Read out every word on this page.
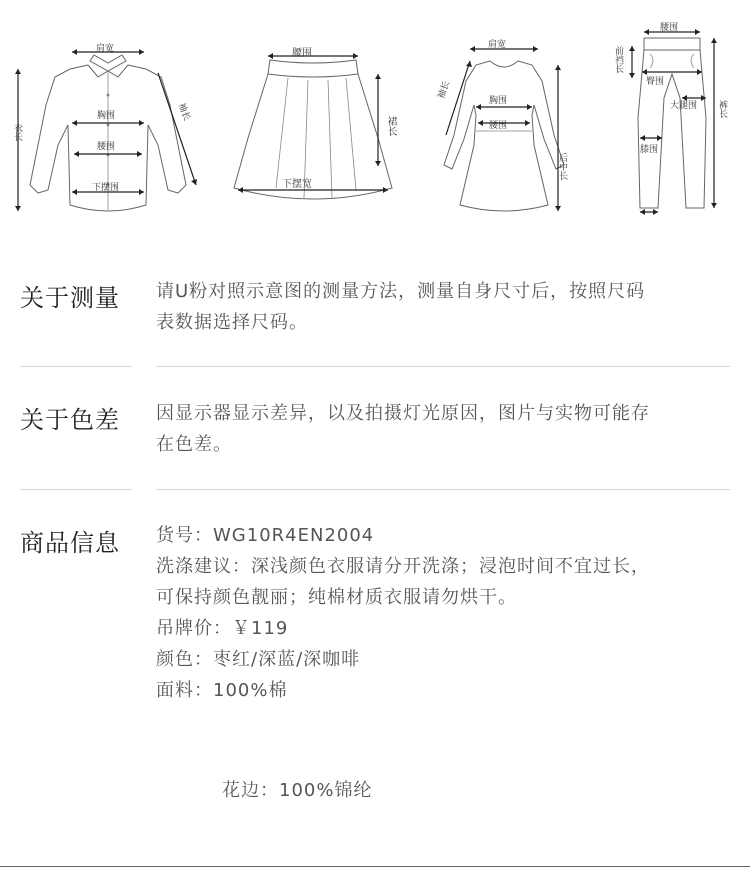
肩宽
胸围
腰围
下摆围
衣长
袖长
腰围
下摆宽
裙长
肩宽
胸围
腰围
袖长
后中长
腰围
前裆长
臀围
大腿围
膝围
裤长
关于测量 请U粉对照示意图的测量方法，测量自身尺寸后，按照尺码
表数据选择尺码。
关于色差 因显示器显示差异，以及拍摄灯光原因，图片与实物可能存
在色差。
商品信息 货号：WG10R4EN2004
洗涤建议：深浅颜色衣服请分开洗涤；浸泡时间不宜过长，
可保持颜色靓丽；纯棉材质衣服请勿烘干。
吊牌价：￥119
颜色：枣红/深蓝/深咖啡
面料：100%棉
花边：100%锦纶
